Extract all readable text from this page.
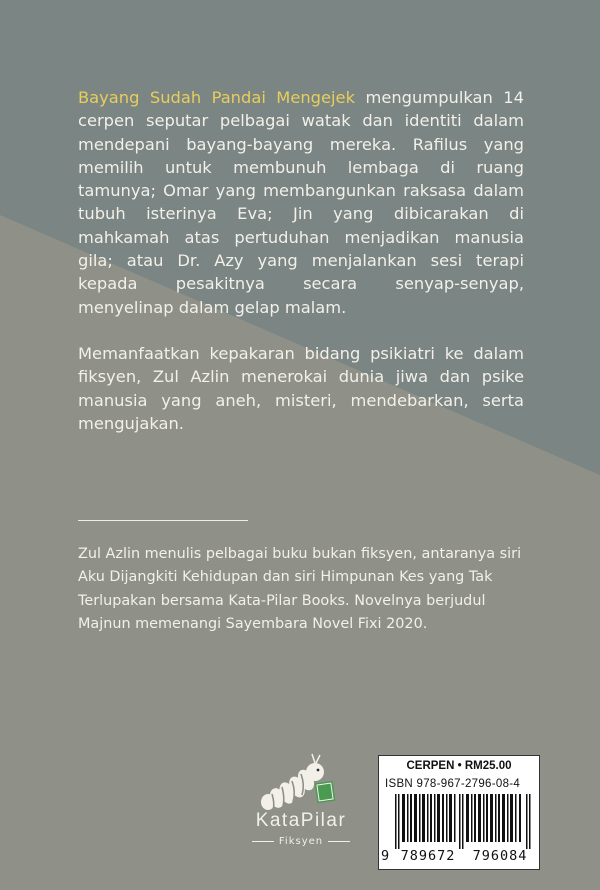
Bayang Sudah Pandai Mengejek mengumpulkan 14 cerpen seputar pelbagai watak dan identiti dalam mendepani bayang-bayang mereka. Rafilus yang memilih untuk membunuh lembaga di ruang tamunya; Omar yang membangunkan raksasa dalam tubuh isterinya Eva; Jin yang dibicarakan di mahkamah atas pertuduhan menjadikan manusia gila; atau Dr. Azy yang menjalankan sesi terapi kepada pesakitnya secara senyap-senyap, menyelinap dalam gelap malam.

Memanfaatkan kepakaran bidang psikiatri ke dalam fiksyen, Zul Azlin menerokai dunia jiwa dan psike manusia yang aneh, misteri, mendebarkan, serta mengujakan.

Zul Azlin menulis pelbagai buku bukan fiksyen, antaranya siri Aku Dijangkiti Kehidupan dan siri Himpunan Kes yang Tak Terlupakan bersama Kata-Pilar Books. Novelnya berjudul Majnun memenangi Sayembara Novel Fixi 2020.
KataPilar
Fiksyen
CERPEN • RM25.00
ISBN 978-967-2796-08-4
9 789672	796084
